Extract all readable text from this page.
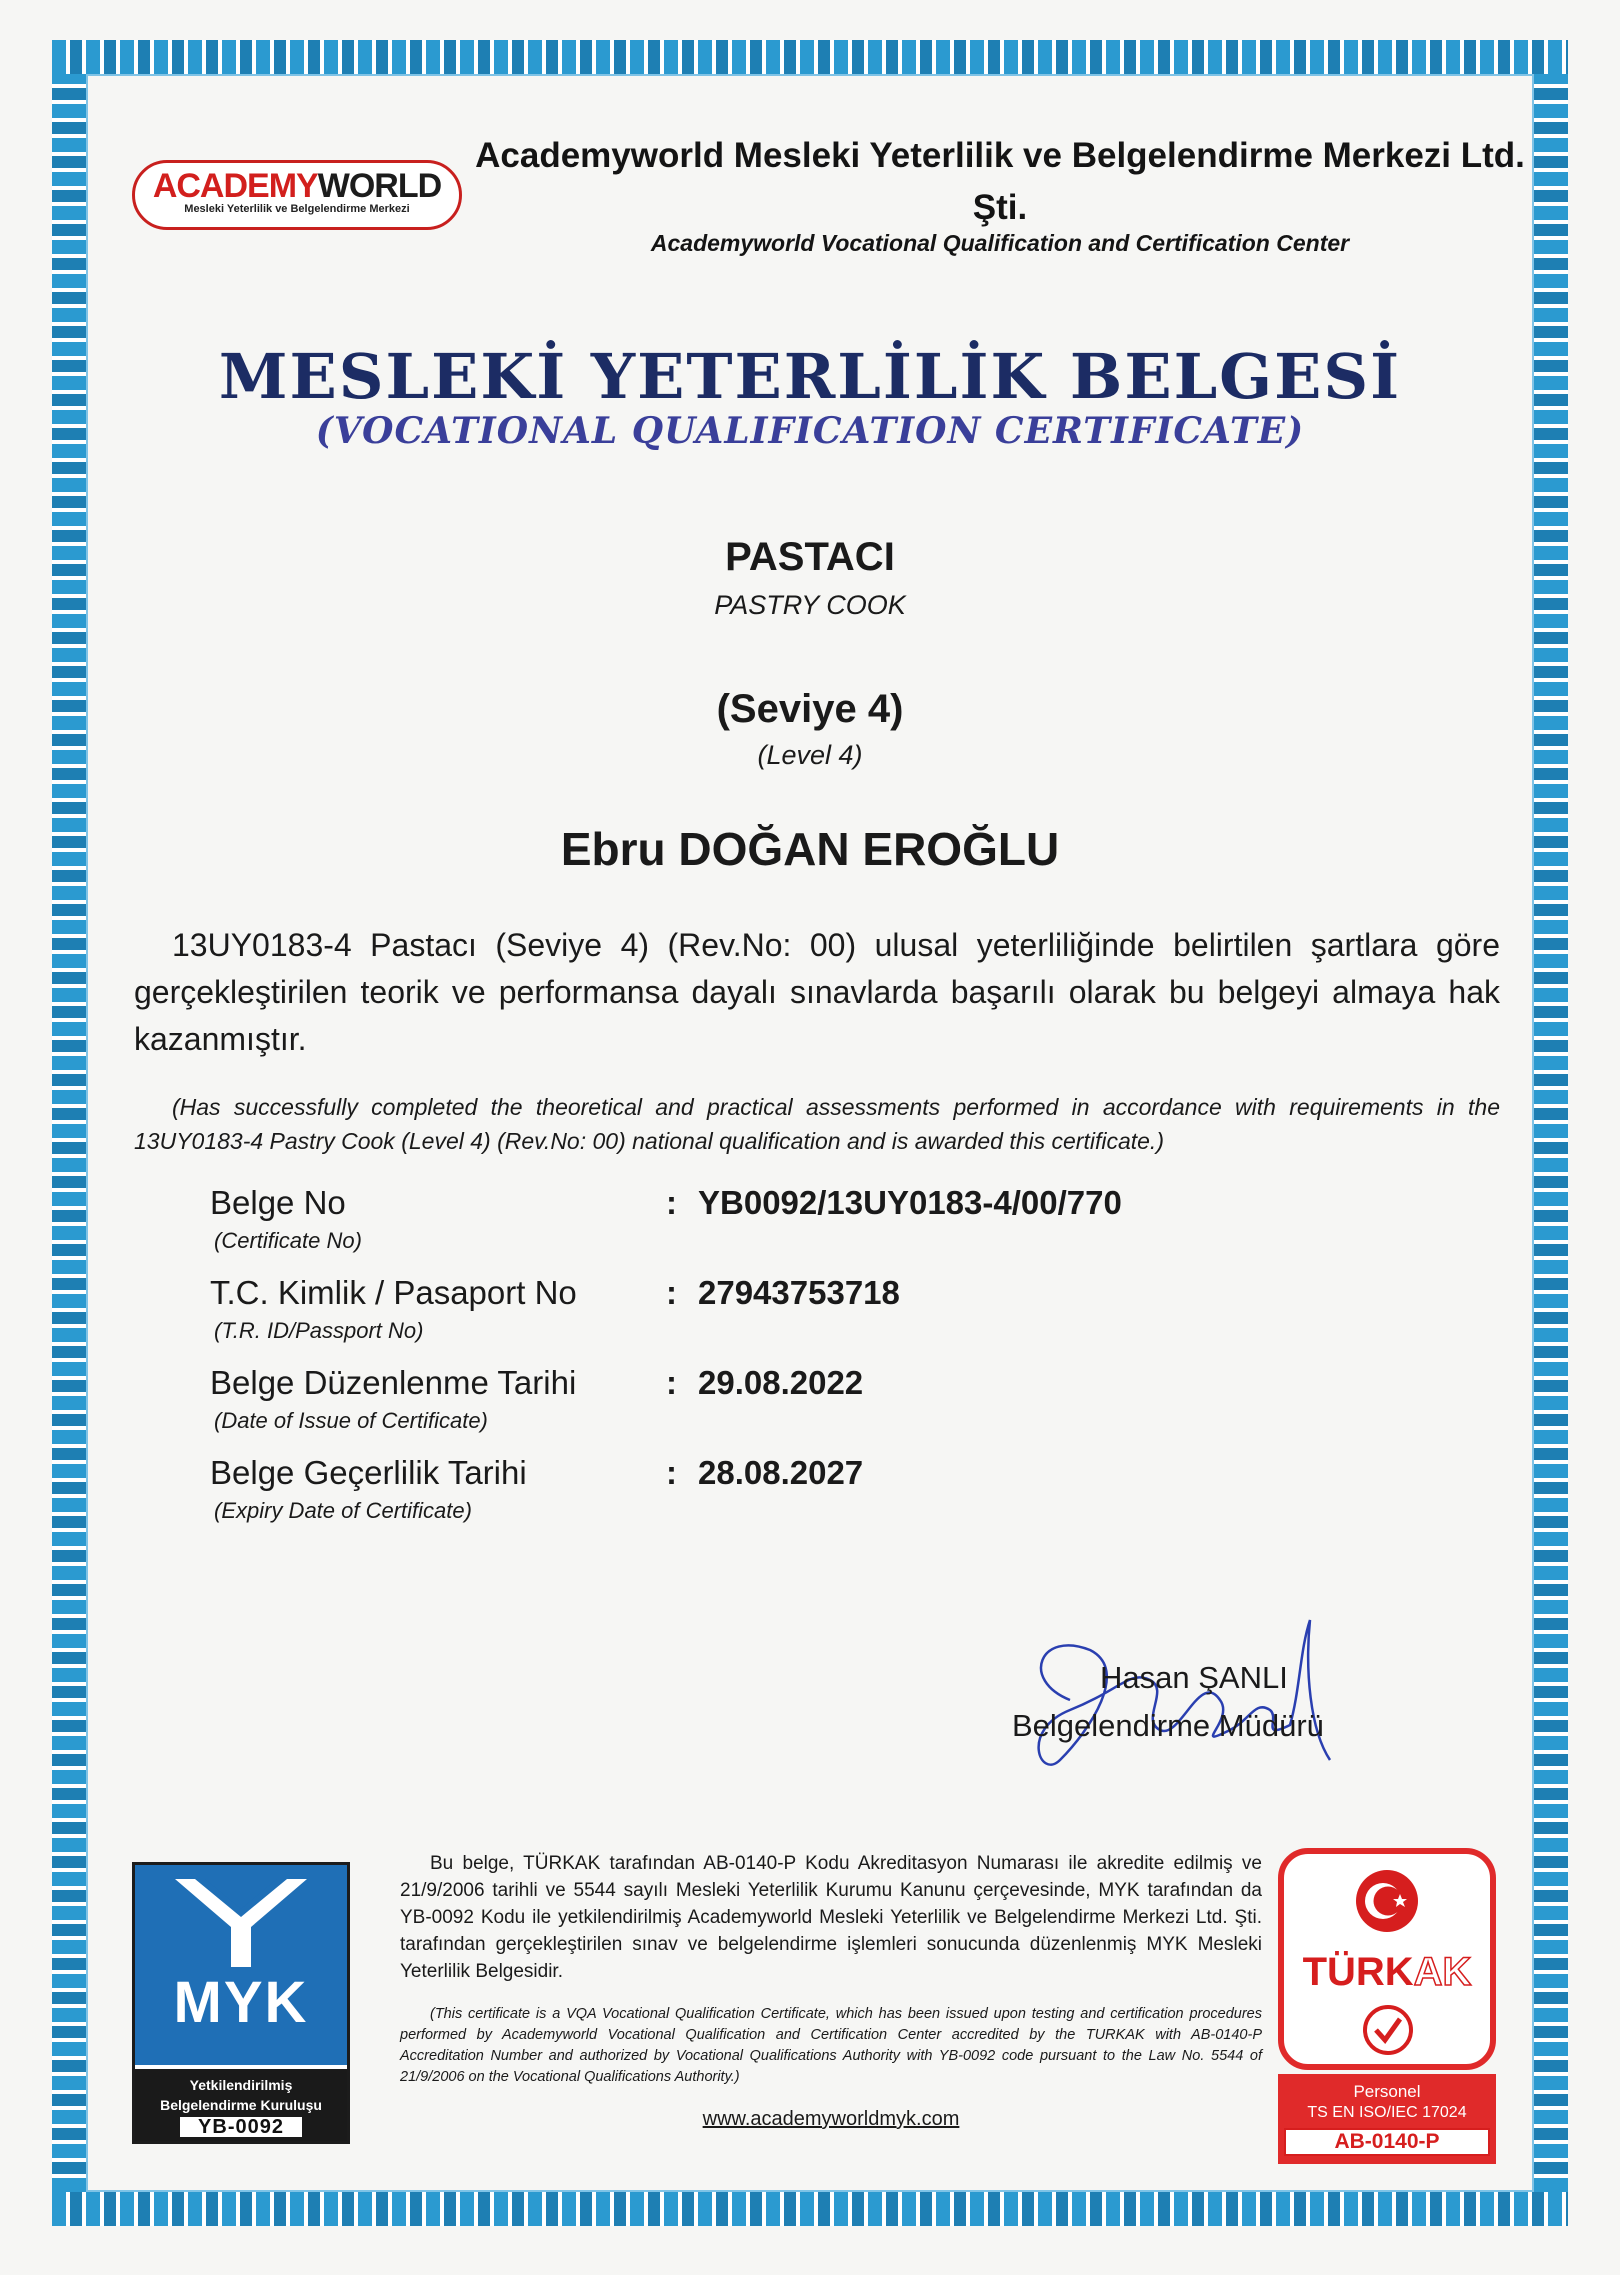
ACADEMYWORLD
Mesleki Yeterlilik ve Belgelendirme Merkezi
Academyworld Mesleki Yeterlilik ve Belgelendirme Merkezi Ltd. Şti.
Academyworld Vocational Qualification and Certification Center
MESLEKİ YETERLİLİK BELGESİ
(VOCATIONAL QUALIFICATION CERTIFICATE)
PASTACI
PASTRY COOK
(Seviye 4)
(Level 4)
Ebru DOĞAN EROĞLU
13UY0183-4 Pastacı (Seviye 4) (Rev.No: 00) ulusal yeterliliğinde belirtilen şartlara göre gerçekleştirilen teorik ve performansa dayalı sınavlarda başarılı olarak bu belgeyi almaya hak kazanmıştır.
(Has successfully completed the theoretical and practical assessments performed in accordance with requirements in the 13UY0183-4 Pastry Cook (Level 4) (Rev.No: 00) national qualification and is awarded this certificate.)
Belge No
(Certificate No)
: YB0092/13UY0183-4/00/770
T.C. Kimlik / Pasaport No
(T.R. ID/Passport No)
: 27943753718
Belge Düzenlenme Tarihi
(Date of Issue of Certificate)
: 29.08.2022
Belge Geçerlilik Tarihi
(Expiry Date of Certificate)
: 28.08.2027
Hasan ŞANLI
Belgelendirme Müdürü
MYK
Yetkilendirilmiş
Belgelendirme Kuruluşu
YB-0092
Bu belge, TÜRKAK tarafından AB-0140-P Kodu Akreditasyon Numarası ile akredite edilmiş ve 21/9/2006 tarihli ve 5544 sayılı Mesleki Yeterlilik Kurumu Kanunu çerçevesinde, MYK tarafından da YB-0092 Kodu ile yetkilendirilmiş Academyworld Mesleki Yeterlilik ve Belgelendirme Merkezi Ltd. Şti. tarafından gerçekleştirilen sınav ve belgelendirme işlemleri sonucunda düzenlenmiş MYK Mesleki Yeterlilik Belgesidir.
(This certificate is a VQA Vocational Qualification Certificate, which has been issued upon testing and certification procedures performed by Academyworld Vocational Qualification and Certification Center accredited by the TURKAK with AB-0140-P Accreditation Number and authorized by Vocational Qualifications Authority with YB-0092 code pursuant to the Law No. 5544 of 21/9/2006 on the Vocational Qualifications Authority.)
www.academyworldmyk.com
TÜRKAK
Personel
TS EN ISO/IEC 17024
AB-0140-P
